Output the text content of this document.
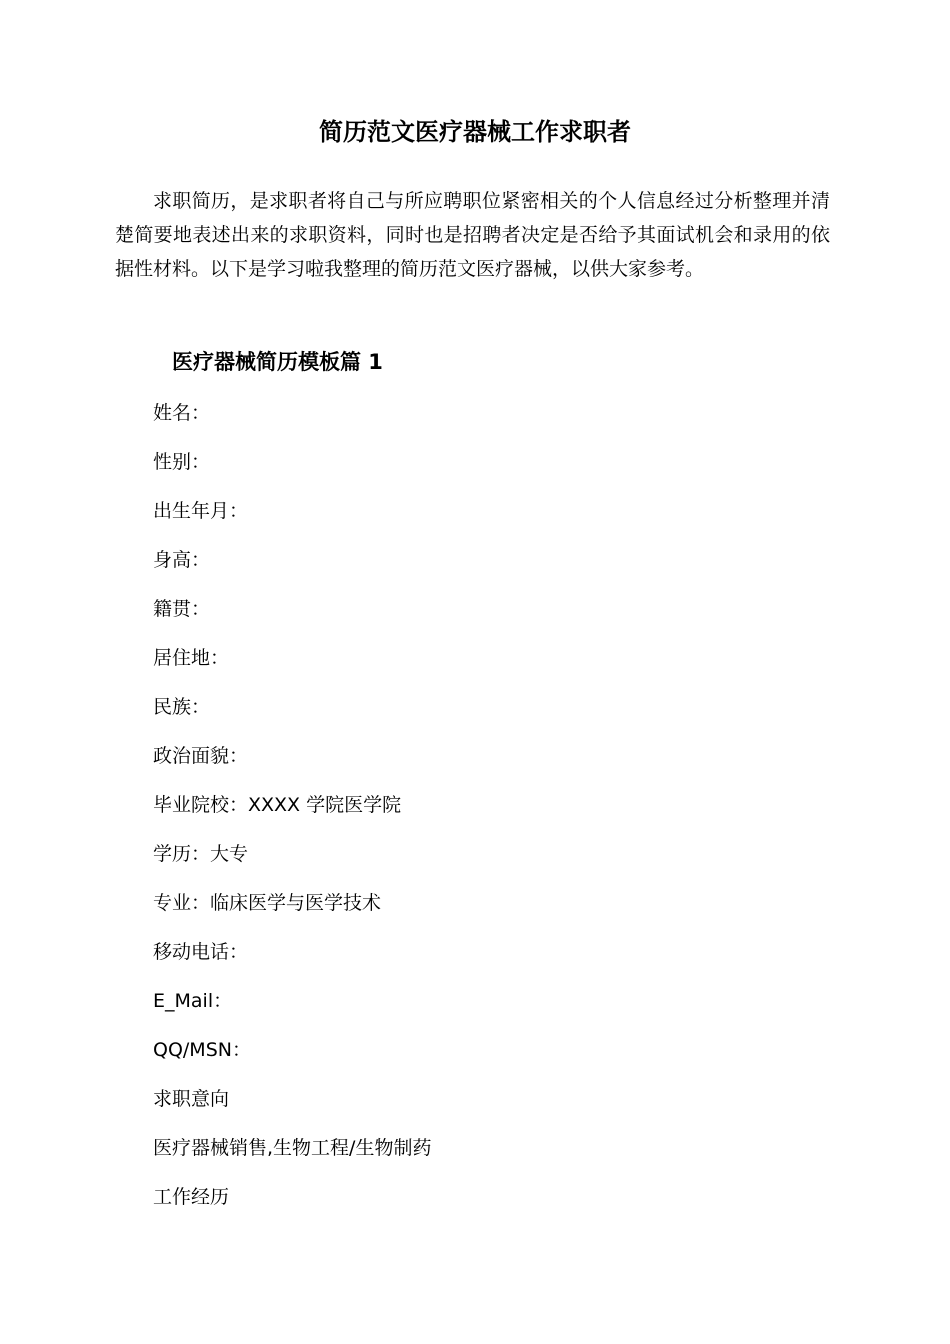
简历范文医疗器械工作求职者
求职简历，是求职者将自己与所应聘职位紧密相关的个人信息经过分析整理并清楚简要地表述出来的求职资料，同时也是招聘者决定是否给予其面试机会和录用的依据性材料。以下是学习啦我整理的简历范文医疗器械，以供大家参考。
医疗器械简历模板篇 1
姓名：
性别：
出生年月：
身高：
籍贯：
居住地：
民族：
政治面貌：
毕业院校：XXXX 学院医学院
学历：大专
专业：临床医学与医学技术
移动电话：
E_Mail：
QQ/MSN：
求职意向
医疗器械销售,生物工程/生物制药
工作经历
